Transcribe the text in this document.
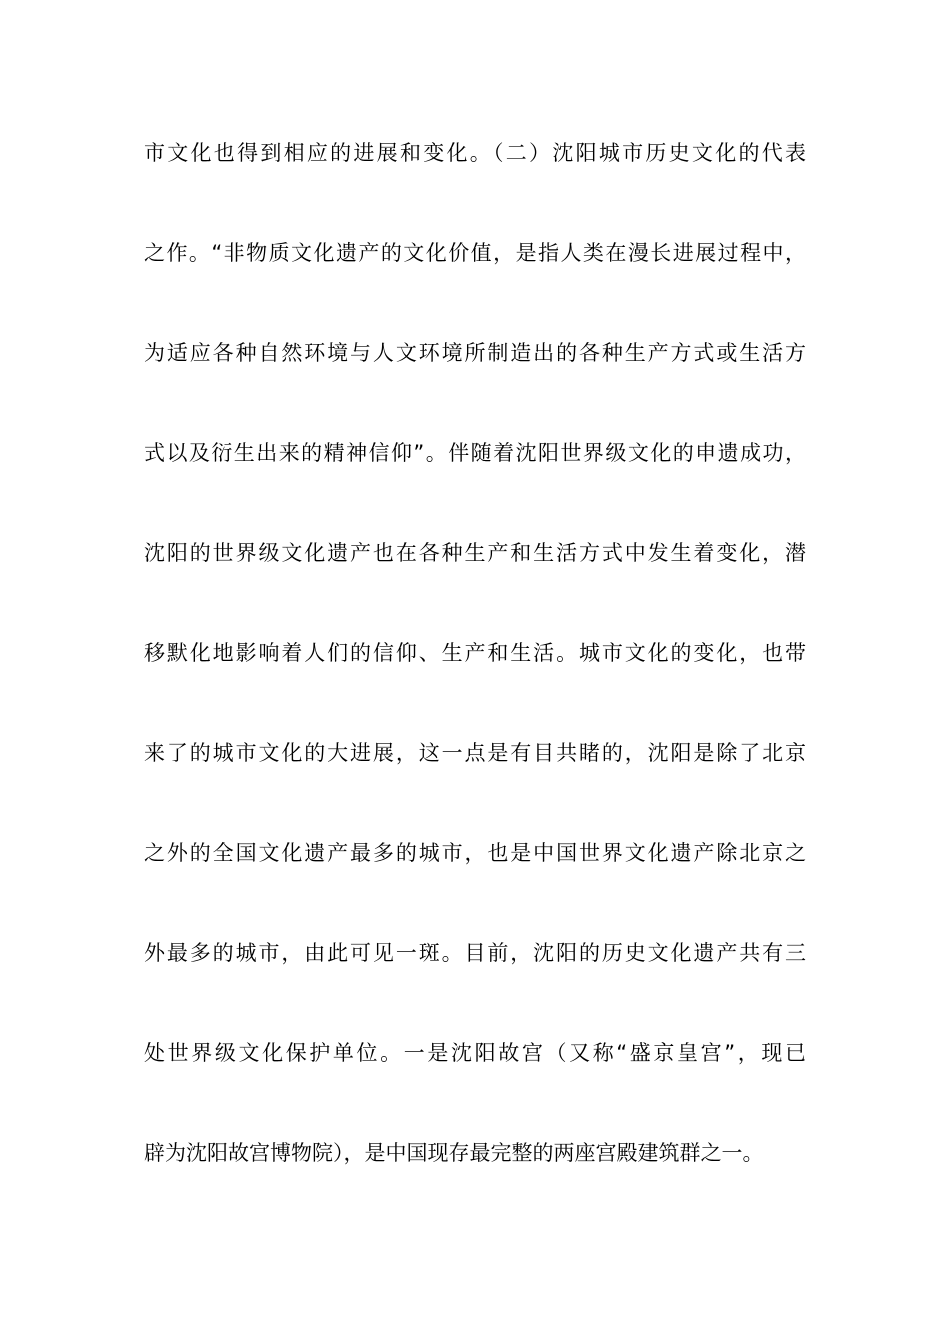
市文化也得到相应的进展和变化。（二）沈阳城市历史文化的代表
之作。“非物质文化遗产的文化价值，是指人类在漫长进展过程中，
为适应各种自然环境与人文环境所制造出的各种生产方式或生活方
式以及衍生出来的精神信仰”。伴随着沈阳世界级文化的申遗成功，
沈阳的世界级文化遗产也在各种生产和生活方式中发生着变化，潜
移默化地影响着人们的信仰、生产和生活。城市文化的变化，也带
来了的城市文化的大进展，这一点是有目共睹的，沈阳是除了北京
之外的全国文化遗产最多的城市，也是中国世界文化遗产除北京之
外最多的城市，由此可见一斑。目前，沈阳的历史文化遗产共有三
处世界级文化保护单位。一是沈阳故宫（又称“盛京皇宫”，现已
辟为沈阳故宫博物院），是中国现存最完整的两座宫殿建筑群之一。
